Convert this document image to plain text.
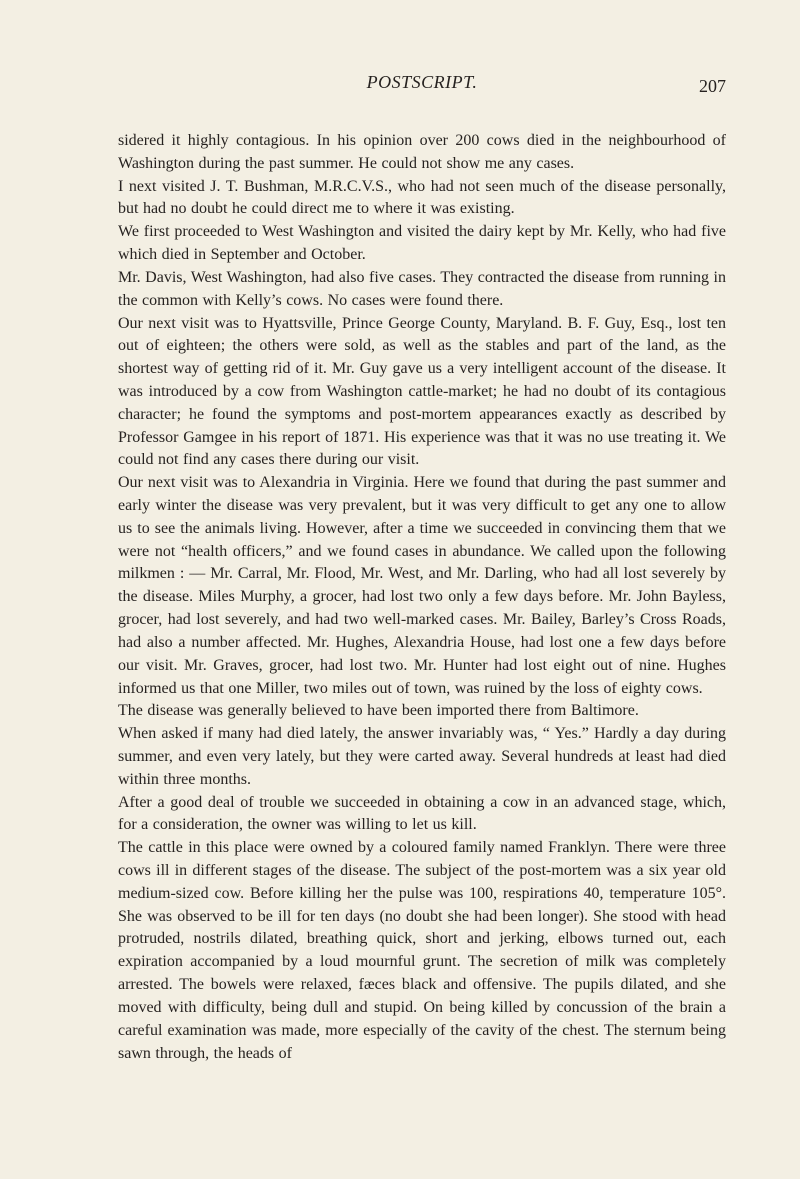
POSTSCRIPT.	207

sidered it highly contagious. In his opinion over 200 cows died in the neighbourhood of Washington during the past summer. He could not show me any cases.

I next visited J. T. Bushman, M.R.C.V.S., who had not seen much of the disease personally, but had no doubt he could direct me to where it was existing.

We first proceeded to West Washington and visited the dairy kept by Mr. Kelly, who had five which died in September and October.

Mr. Davis, West Washington, had also five cases. They contracted the disease from running in the common with Kelly’s cows. No cases were found there.

Our next visit was to Hyattsville, Prince George County, Maryland. B. F. Guy, Esq., lost ten out of eighteen; the others were sold, as well as the stables and part of the land, as the shortest way of getting rid of it. Mr. Guy gave us a very intelligent account of the disease. It was introduced by a cow from Washington cattle-market; he had no doubt of its contagious character; he found the symptoms and post-mortem appearances exactly as described by Professor Gamgee in his report of 1871. His experience was that it was no use treating it. We could not find any cases there during our visit.

Our next visit was to Alexandria in Virginia. Here we found that during the past summer and early winter the disease was very prevalent, but it was very difficult to get any one to allow us to see the animals living. However, after a time we succeeded in convincing them that we were not “health officers,” and we found cases in abundance. We called upon the following milkmen : — Mr. Carral, Mr. Flood, Mr. West, and Mr. Darling, who had all lost severely by the disease. Miles Murphy, a grocer, had lost two only a few days before. Mr. John Bayless, grocer, had lost severely, and had two well-marked cases. Mr. Bailey, Barley’s Cross Roads, had also a number affected. Mr. Hughes, Alexandria House, had lost one a few days before our visit. Mr. Graves, grocer, had lost two. Mr. Hunter had lost eight out of nine. Hughes informed us that one Miller, two miles out of town, was ruined by the loss of eighty cows.

The disease was generally believed to have been imported there from Baltimore.

When asked if many had died lately, the answer invariably was, “ Yes.” Hardly a day during summer, and even very lately, but they were carted away. Several hundreds at least had died within three months.

After a good deal of trouble we succeeded in obtaining a cow in an advanced stage, which, for a consideration, the owner was willing to let us kill.

The cattle in this place were owned by a coloured family named Franklyn. There were three cows ill in different stages of the disease. The subject of the post-mortem was a six year old medium-sized cow. Before killing her the pulse was 100, respirations 40, temperature 105°. She was observed to be ill for ten days (no doubt she had been longer). She stood with head protruded, nostrils dilated, breathing quick, short and jerking, elbows turned out, each expiration accompanied by a loud mournful grunt. The secretion of milk was completely arrested. The bowels were relaxed, fæces black and offensive. The pupils dilated, and she moved with difficulty, being dull and stupid. On being killed by concussion of the brain a careful examination was made, more especially of the cavity of the chest. The sternum being sawn through, the heads of
